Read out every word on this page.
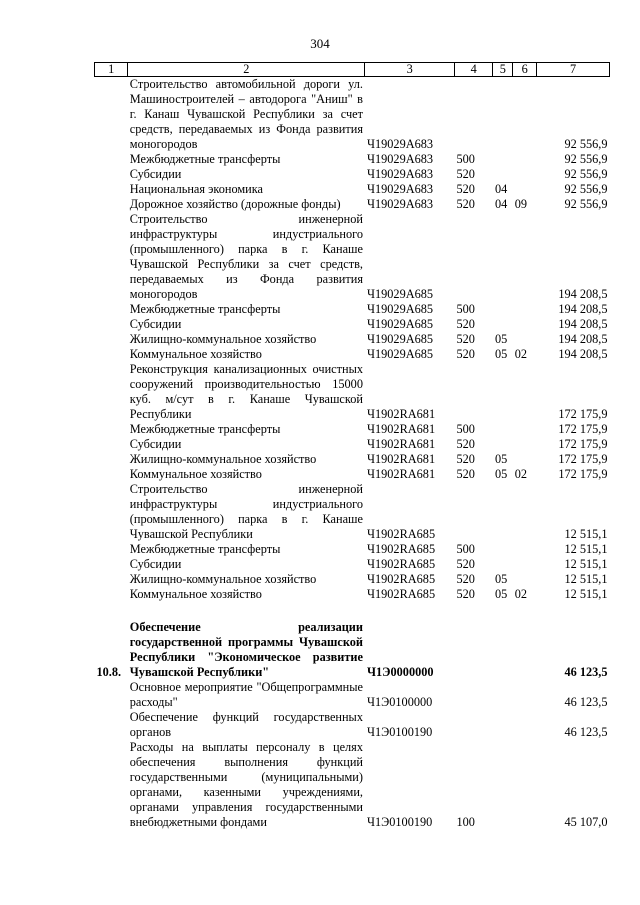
304
1	2	3	4	5	6	7
	Строительство автомобильной дороги ул. Машиностроителей – автодорога "Аниш" в г. Канаш Чувашской Республики за счет средств, передаваемых из Фонда развития моногородов	Ч19029А683				92 556,9
	Межбюджетные трансферты	Ч19029А683	500			92 556,9
	Субсидии	Ч19029А683	520			92 556,9
	Национальная экономика	Ч19029А683	520	04		92 556,9
	Дорожное хозяйство (дорожные фонды)	Ч19029А683	520	04	09	92 556,9
	Строительство инженерной инфраструктуры индустриального (промышленного) парка в г. Канаше Чувашской Республики за счет средств, передаваемых из Фонда развития моногородов	Ч19029А685				194 208,5
	Межбюджетные трансферты	Ч19029А685	500			194 208,5
	Субсидии	Ч19029А685	520			194 208,5
	Жилищно-коммунальное хозяйство	Ч19029А685	520	05		194 208,5
	Коммунальное хозяйство	Ч19029А685	520	05	02	194 208,5
	Реконструкция канализационных очистных сооружений производительностью 15000 куб. м/сут в г. Канаше Чувашской Республики	Ч1902RA681				172 175,9
	Межбюджетные трансферты	Ч1902RA681	500			172 175,9
	Субсидии	Ч1902RA681	520			172 175,9
	Жилищно-коммунальное хозяйство	Ч1902RA681	520	05		172 175,9
	Коммунальное хозяйство	Ч1902RA681	520	05	02	172 175,9
	Строительство инженерной инфраструктуры индустриального (промышленного) парка в г. Канаше Чувашской Республики	Ч1902RA685				12 515,1
	Межбюджетные трансферты	Ч1902RA685	500			12 515,1
	Субсидии	Ч1902RA685	520			12 515,1
	Жилищно-коммунальное хозяйство	Ч1902RA685	520	05		12 515,1
	Коммунальное хозяйство	Ч1902RA685	520	05	02	12 515,1

10.8.	Обеспечение реализации государственной программы Чувашской Республики "Экономическое развитие Чувашской Республики"	Ч1Э0000000				46 123,5
	Основное мероприятие "Общепрограммные расходы"	Ч1Э0100000				46 123,5
	Обеспечение функций государственных органов	Ч1Э0100190				46 123,5
	Расходы на выплаты персоналу в целях обеспечения выполнения функций государственными (муниципальными) органами, казенными учреждениями, органами управления государственными внебюджетными фондами	Ч1Э0100190	100			45 107,0
